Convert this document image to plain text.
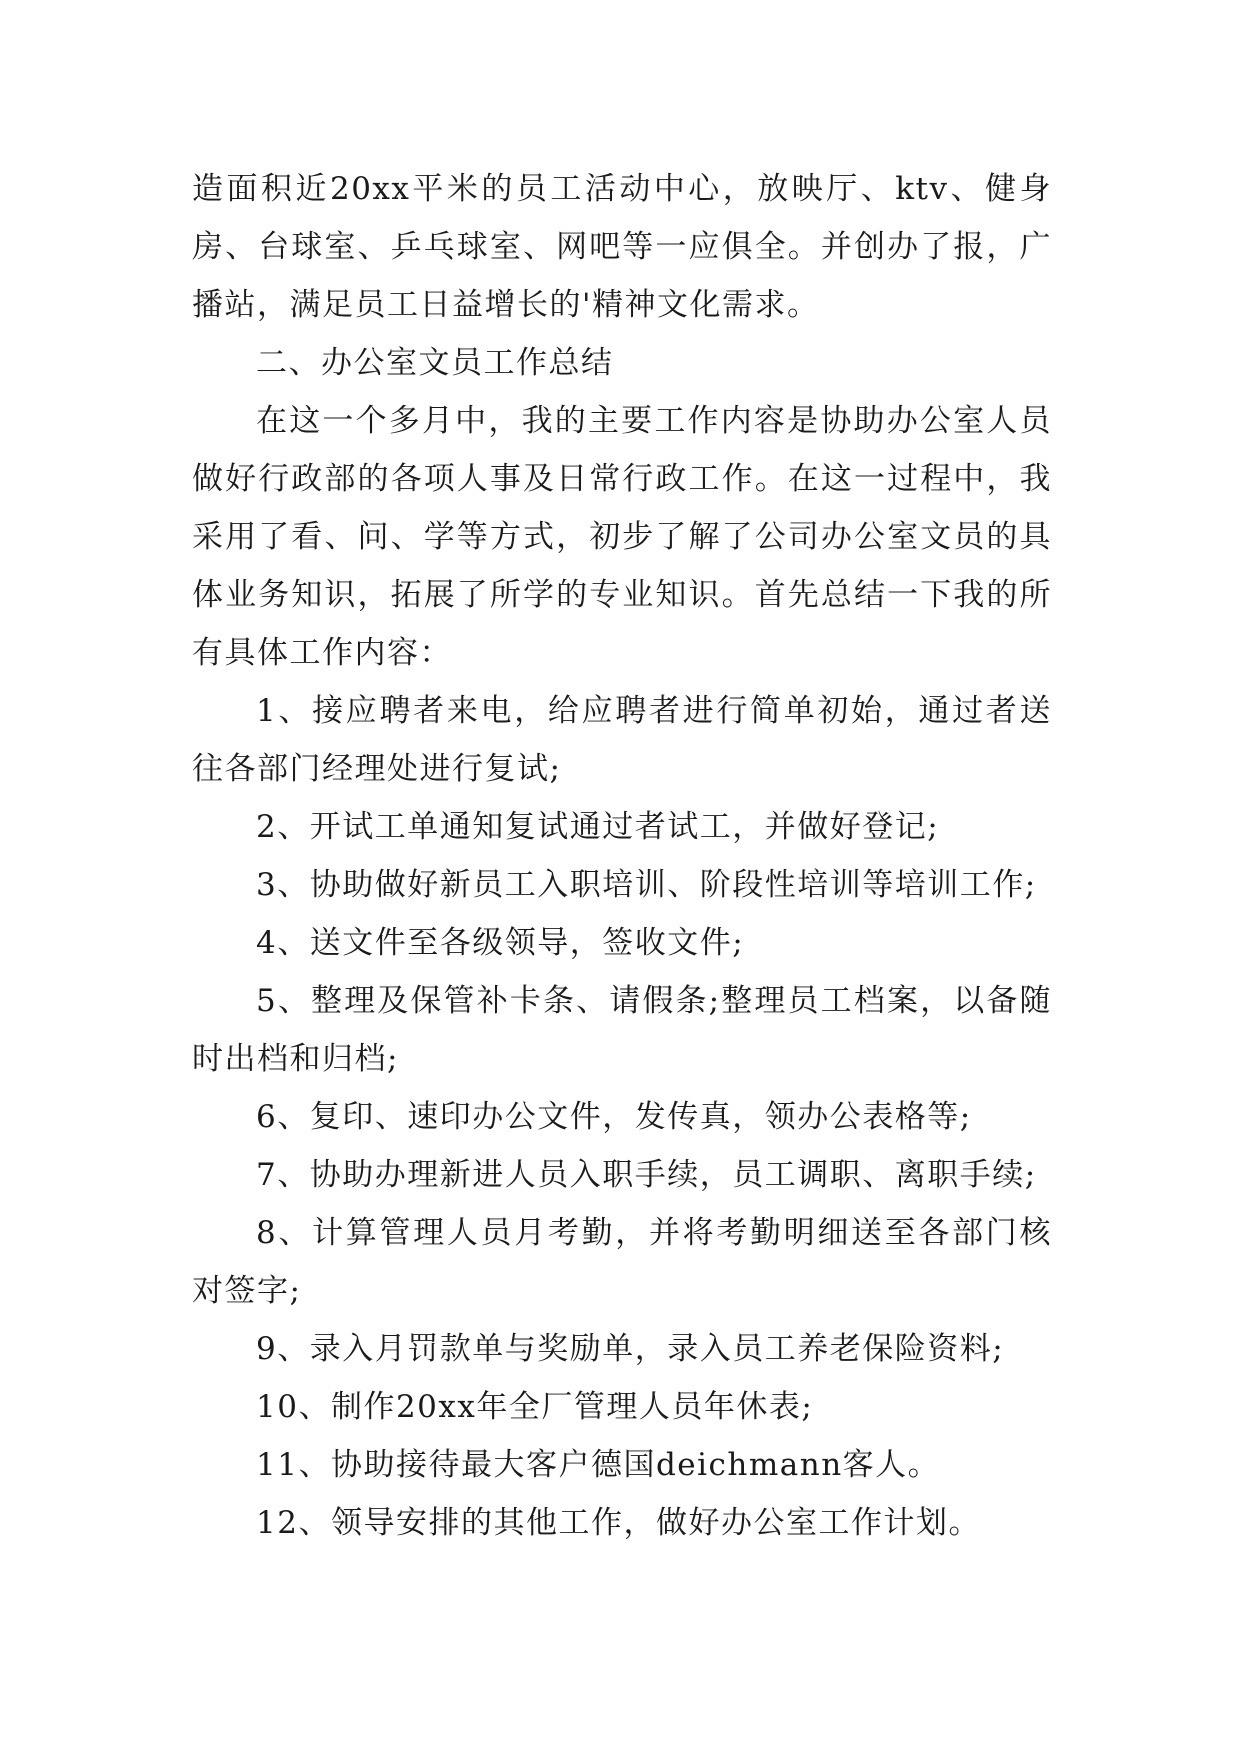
造面积近20xx平米的员工活动中心，放映厅、ktv、健身房、台球室、乒乓球室、网吧等一应俱全。并创办了报，广播站，满足员工日益增长的'精神文化需求。

二、办公室文员工作总结

在这一个多月中，我的主要工作内容是协助办公室人员做好行政部的各项人事及日常行政工作。在这一过程中，我采用了看、问、学等方式，初步了解了公司办公室文员的具体业务知识，拓展了所学的专业知识。首先总结一下我的所有具体工作内容：

1、接应聘者来电，给应聘者进行简单初始，通过者送往各部门经理处进行复试;

2、开试工单通知复试通过者试工，并做好登记;

3、协助做好新员工入职培训、阶段性培训等培训工作;

4、送文件至各级领导，签收文件;

5、整理及保管补卡条、请假条;整理员工档案，以备随时出档和归档;

6、复印、速印办公文件，发传真，领办公表格等;

7、协助办理新进人员入职手续，员工调职、离职手续;

8、计算管理人员月考勤，并将考勤明细送至各部门核对签字;

9、录入月罚款单与奖励单，录入员工养老保险资料;

10、制作20xx年全厂管理人员年休表;

11、协助接待最大客户德国deichmann客人。

12、领导安排的其他工作，做好办公室工作计划。
